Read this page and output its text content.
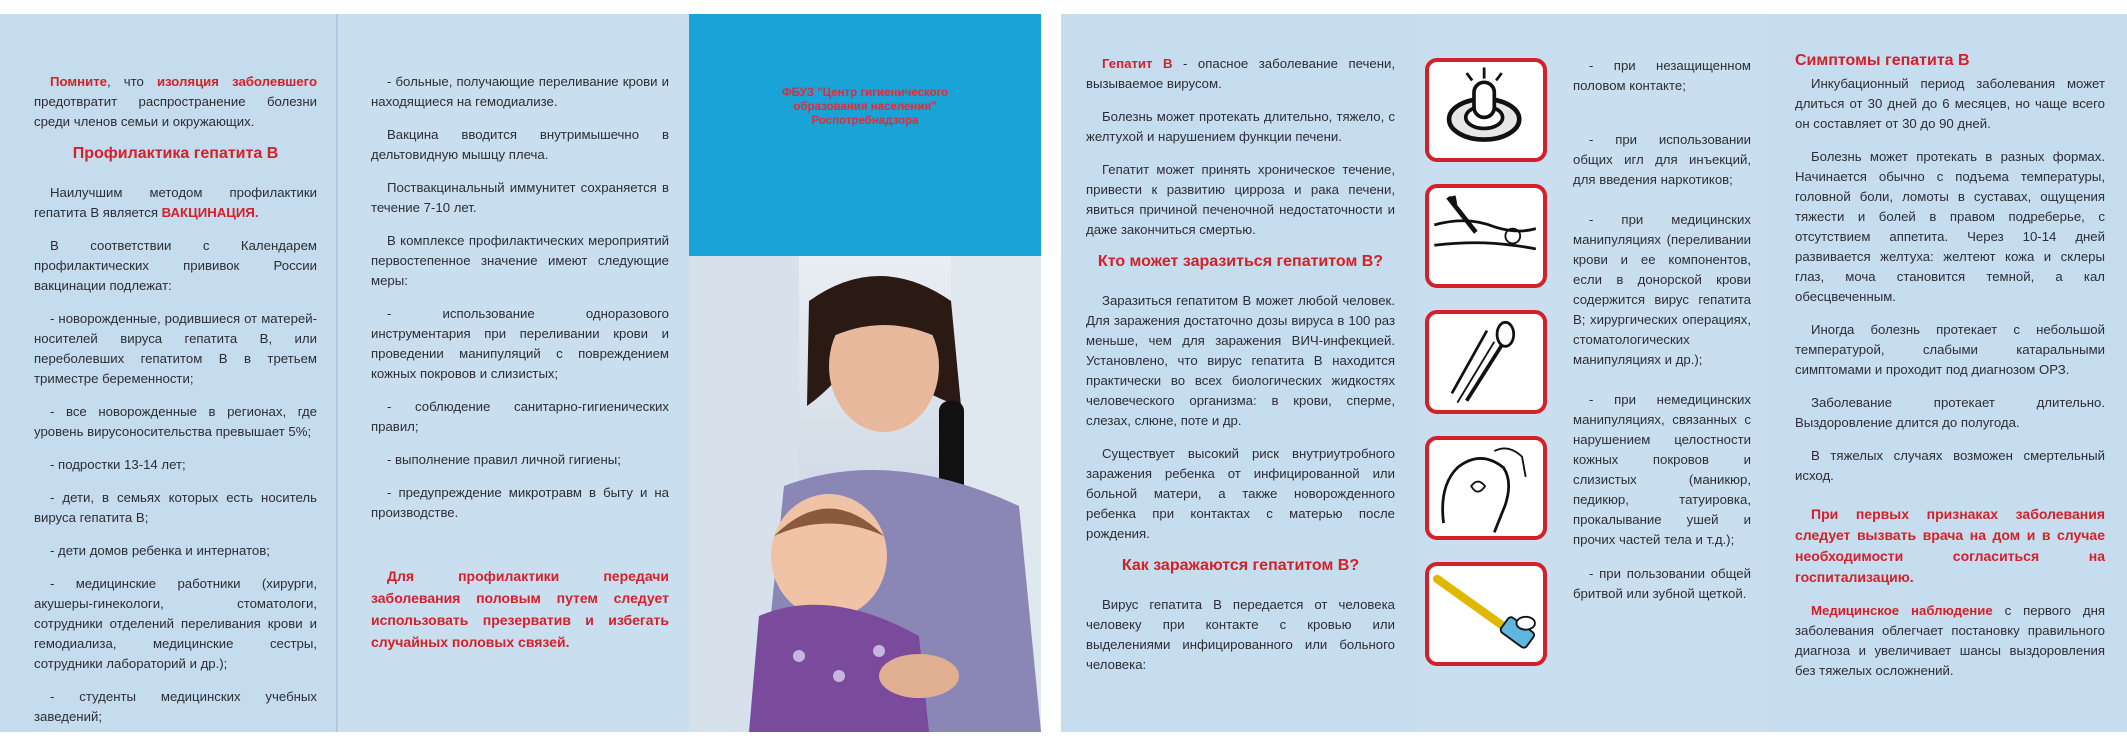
Помните, что изоляция заболевшего предотвратит распространение болезни среди членов семьи и окружающих.

Профилактика гепатита В

Наилучшим методом профилактики гепатита В является ВАКЦИНАЦИЯ.

В соответствии с Календарем профилактических прививок России вакцинации подлежат:

- новорожденные, родившиеся от матерей-носителей вируса гепатита В, или переболевших гепатитом В в третьем триместре беременности;

- все новорожденные в регионах, где уровень вирусоносительства превышает 5%;

- подростки 13-14 лет;

- дети, в семьях которых есть носитель вируса гепатита В;

- дети домов ребенка и интернатов;

- медицинские работники (хирурги, акушеры-гинекологи, стоматологи, сотрудники отделений переливания крови и гемодиализа, медицинские сестры, сотрудники лабораторий и др.);

- студенты медицинских учебных заведений;

- больные, получающие переливание крови и находящиеся на гемодиализе.

Вакцина вводится внутримышечно в дельтовидную мышцу плеча.

Поствакцинальный иммунитет сохраняется в течение 7-10 лет.

В комплексе профилактических мероприятий первостепенное значение имеют следующие меры:

- использование одноразового инструментария при переливании крови и проведении манипуляций с повреждением кожных покровов и слизистых;

- соблюдение санитарно-гигиенических правил;

- выполнение правил личной гигиены;

- предупреждение микротравм в быту и на производстве.

Для профилактики передачи заболевания половым путем следует использовать презерватив и избегать случайных половых связей.

ФБУЗ "Центр гигиенического
образования населения"
Роспотребнадзора

Гепатит В - опасное заболевание печени, вызываемое вирусом.

Болезнь может протекать длительно, тяжело, с желтухой и нарушением функции печени.

Гепатит может принять хроническое течение, привести к развитию цирроза и рака печени, явиться причиной печеночной недостаточности и даже закончиться смертью.

Кто может заразиться гепатитом В?

Заразиться гепатитом В может любой человек. Для заражения достаточно дозы вируса в 100 раз меньше, чем для заражения ВИЧ-инфекцией. Установлено, что вирус гепатита В находится практически во всех биологических жидкостях человеческого организма: в крови, сперме, слезах, слюне, поте и др.

Существует высокий риск внутриутробного заражения ребенка от инфицированной или больной матери, а также новорожденного ребенка при контактах с матерью после рождения.

Как заражаются гепатитом В?

Вирус гепатита В передается от человека человеку при контакте с кровью или выделениями инфицированного или больного человека:

- при незащищенном половом контакте;

- при использовании общих игл для инъекций, для введения наркотиков;

- при медицинских манипуляциях (переливании крови и ее компонентов, если в донорской крови содержится вирус гепатита В; хирургических операциях, стоматологических манипуляциях и др.);

- при немедицинских манипуляциях, связанных с нарушением целостности кожных покровов и слизистых (маникюр, педикюр, татуировка, прокалывание ушей и прочих частей тела и т.д.);

- при пользовании общей бритвой или зубной щеткой.

Симптомы гепатита В

Инкубационный период заболевания может длиться от 30 дней до 6 месяцев, но чаще всего он составляет от 30 до 90 дней.

Болезнь может протекать в разных формах. Начинается обычно с подъема температуры, головной боли, ломоты в суставах, ощущения тяжести и болей в правом подреберье, с отсутствием аппетита. Через 10-14 дней развивается желтуха: желтеют кожа и склеры глаз, моча становится темной, а кал обесцвеченным.

Иногда болезнь протекает с небольшой температурой, слабыми катаральными симптомами и проходит под диагнозом ОРЗ.

Заболевание протекает длительно. Выздоровление длится до полугода.

В тяжелых случаях возможен смертельный исход.

При первых признаках заболевания следует вызвать врача на дом и в случае необходимости согласиться на госпитализацию.

Медицинское наблюдение с первого дня заболевания облегчает постановку правильного диагноза и увеличивает шансы выздоровления без тяжелых осложнений.
